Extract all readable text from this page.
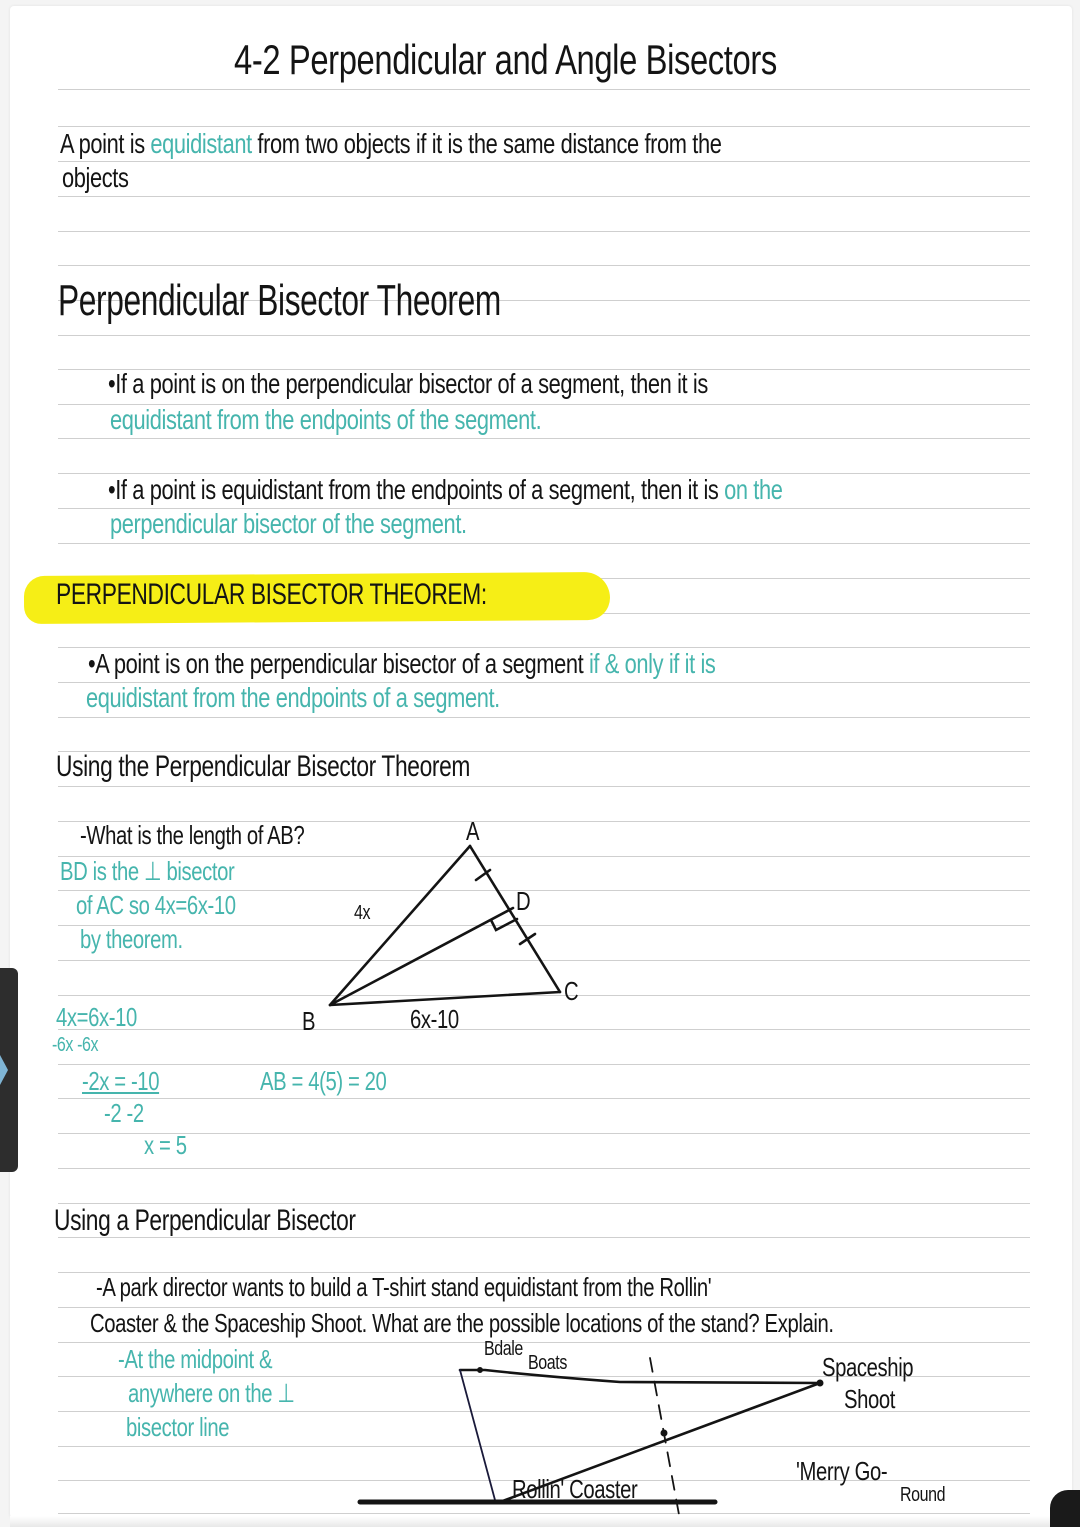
4-2 Perpendicular and Angle Bisectors
A point is equidistant from two objects if it is the same distance from the
objects
Perpendicular Bisector Theorem
•If a point is on the perpendicular bisector of a segment, then it is
equidistant from the endpoints of the segment.
•If a point is equidistant from the endpoints of a segment, then it is on the
perpendicular bisector of the segment.
PERPENDICULAR BISECTOR THEOREM:
•A point is on the perpendicular bisector of a segment if & only if it is
equidistant from the endpoints of a segment.
Using the Perpendicular Bisector Theorem
-What is the length of AB?
BD is the ⊥ bisector
of AC so 4x=6x-10
by theorem.
A
B
C
D
4x
6x-10
4x=6x-10
-6x -6x
-2x = -10
-2 -2
x = 5
AB = 4(5) = 20
Using a Perpendicular Bisector
-A park director wants to build a T-shirt stand equidistant from the Rollin'
Coaster & the Spaceship Shoot. What are the possible locations of the stand? Explain.
-At the midpoint &
anywhere on the ⊥
bisector line
Bdale
Boats	Spaceship
Shoot
Rollin' Coaster
'Merry Go-
Round
